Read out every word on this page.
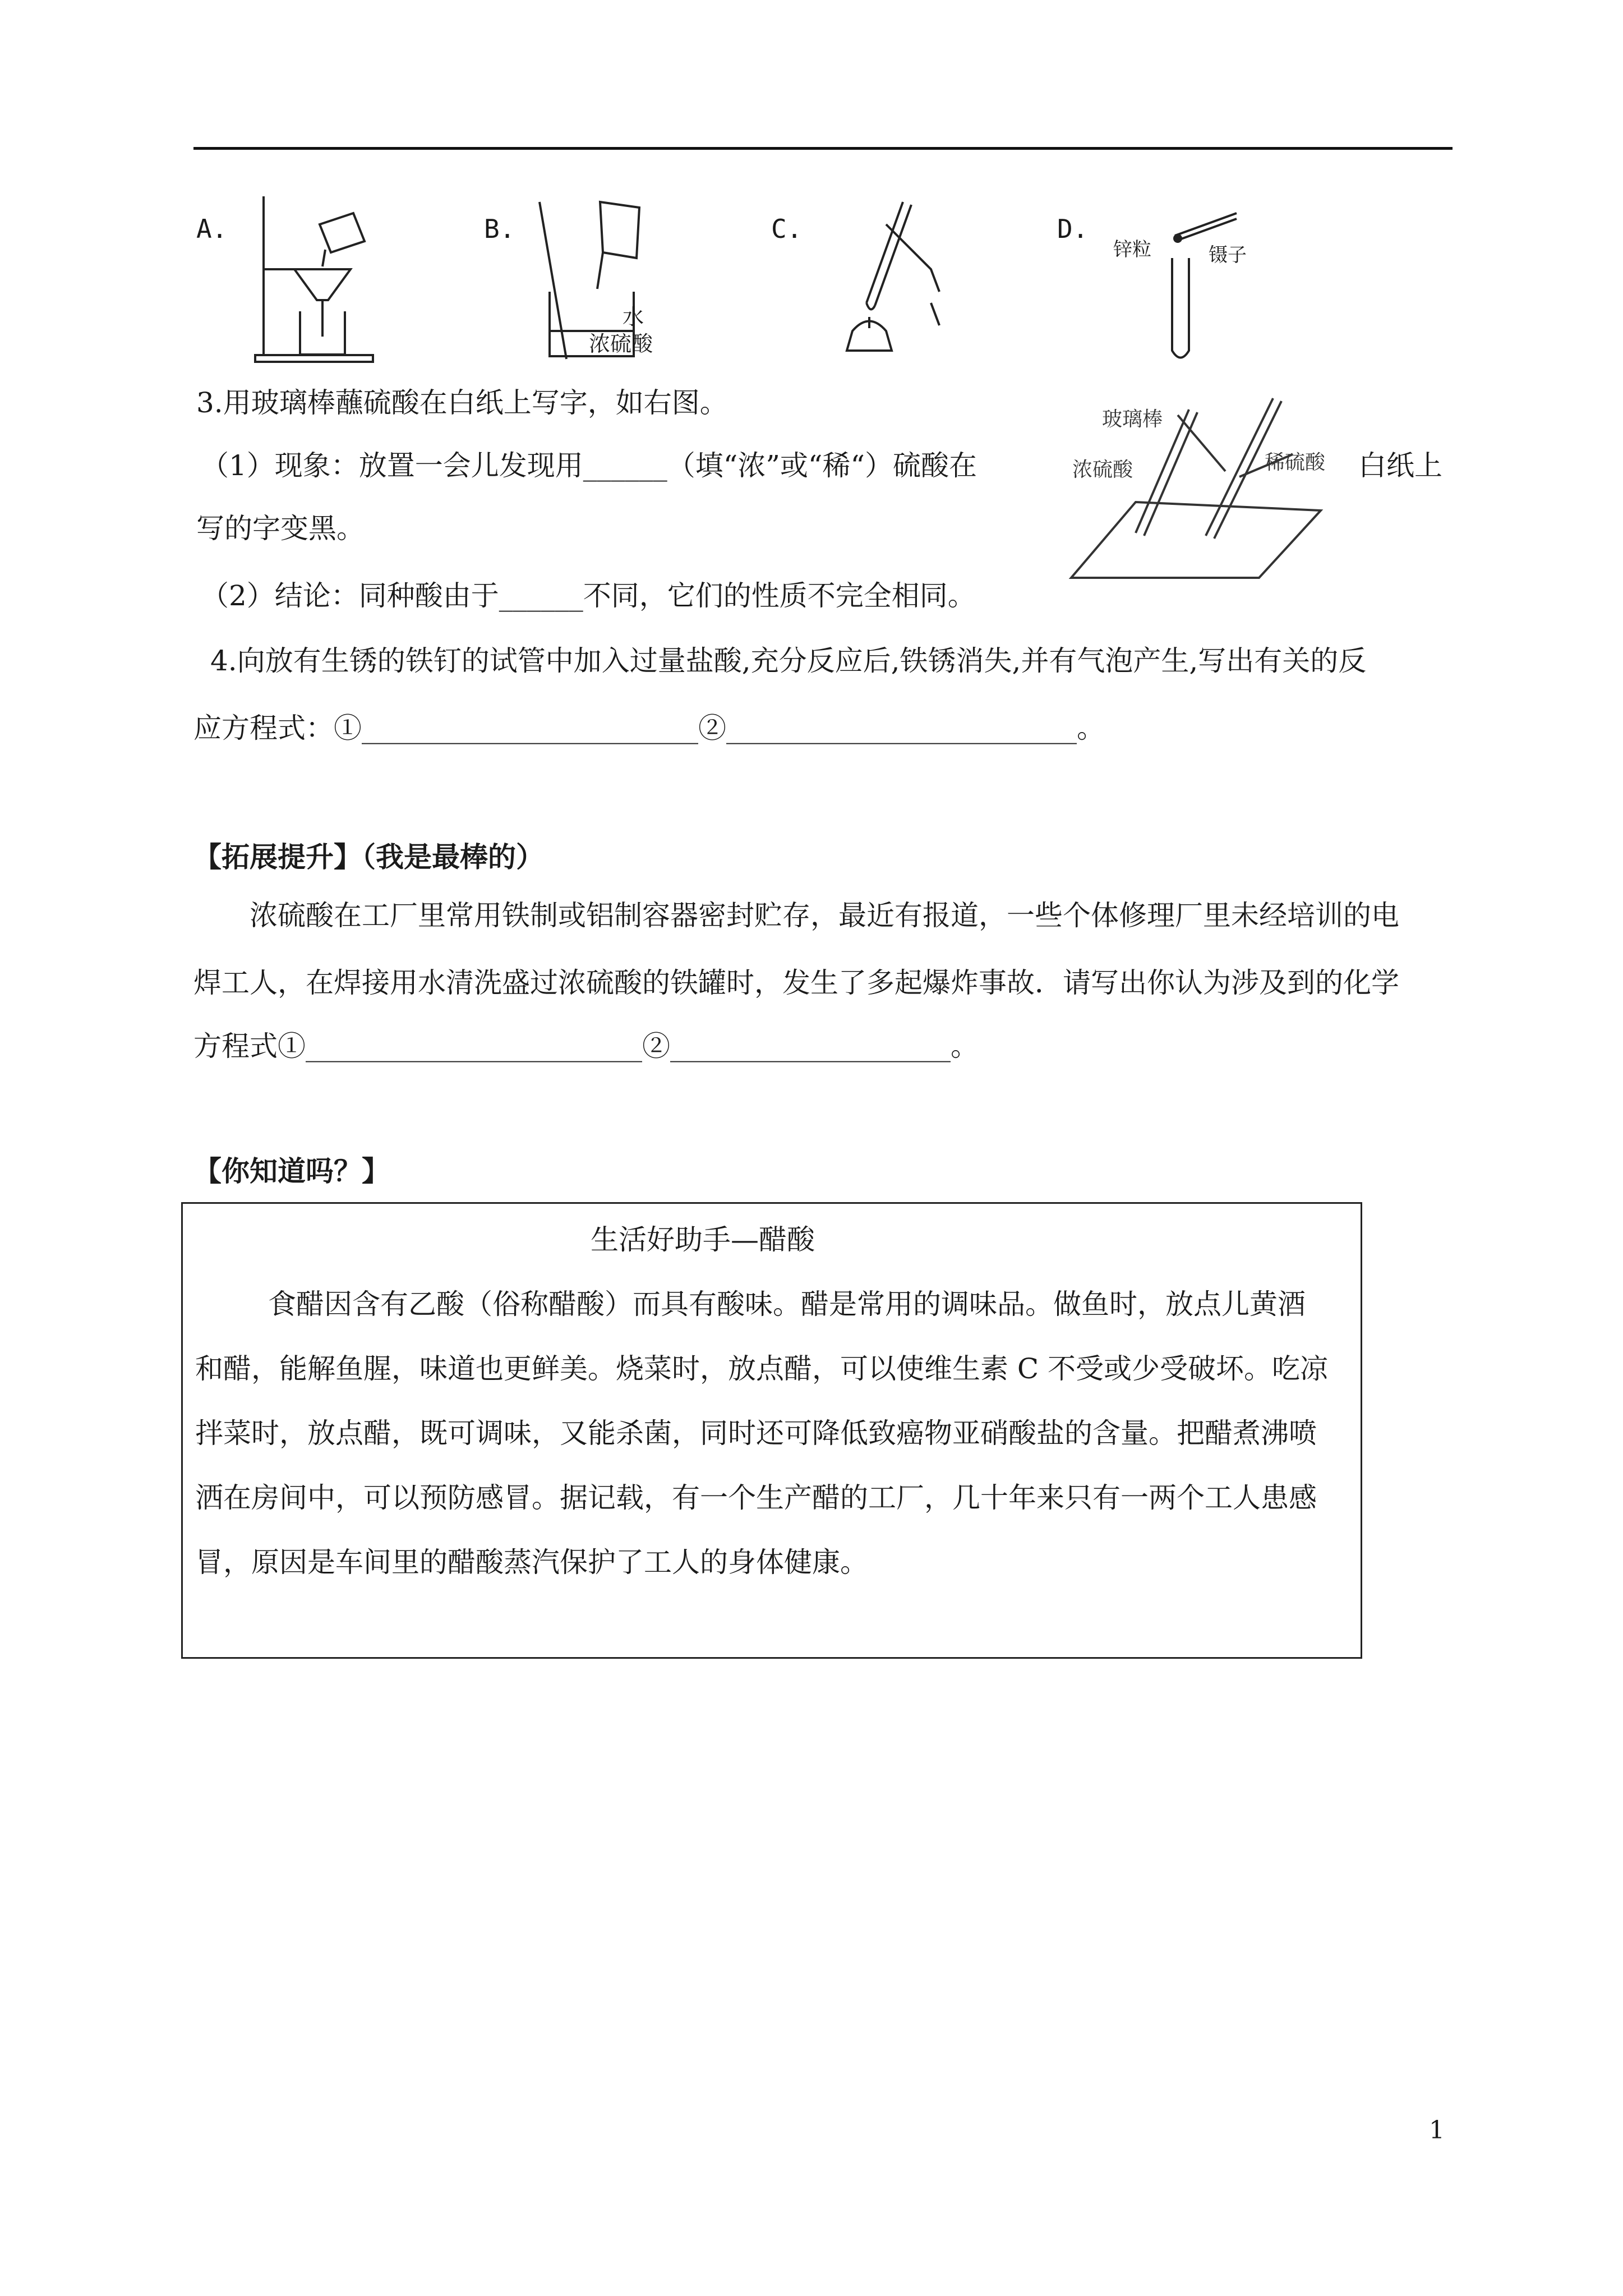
A.	B.
水
浓硫酸
C.	D.
锌粒	镊子
3.用玻璃棒蘸硫酸在白纸上写字，如右图。
（1）现象：放置一会儿发现用______（填“浓”或“稀“）硫酸在	白纸上
写的字变黑。
（2）结论：同种酸由于______不同，它们的性质不完全相同。
玻璃棒
浓硫酸	稀硫酸
4.向放有生锈的铁钉的试管中加入过量盐酸,充分反应后,铁锈消失,并有气泡产生,写出有关的反
应方程式：①________________________②_________________________。
【拓展提升】（我是最棒的）
浓硫酸在工厂里常用铁制或铝制容器密封贮存，最近有报道，一些个体修理厂里未经培训的电
焊工人，在焊接用水清洗盛过浓硫酸的铁罐时，发生了多起爆炸事故．请写出你认为涉及到的化学
方程式①________________________②____________________。
【你知道吗？】
生活好助手—醋酸
食醋因含有乙酸（俗称醋酸）而具有酸味。醋是常用的调味品。做鱼时，放点儿黄酒
和醋，能解鱼腥，味道也更鲜美。烧菜时，放点醋，可以使维生素 C 不受或少受破坏。吃凉
拌菜时，放点醋，既可调味，又能杀菌，同时还可降低致癌物亚硝酸盐的含量。把醋煮沸喷
洒在房间中，可以预防感冒。据记载，有一个生产醋的工厂，几十年来只有一两个工人患感
冒，原因是车间里的醋酸蒸汽保护了工人的身体健康。
1
